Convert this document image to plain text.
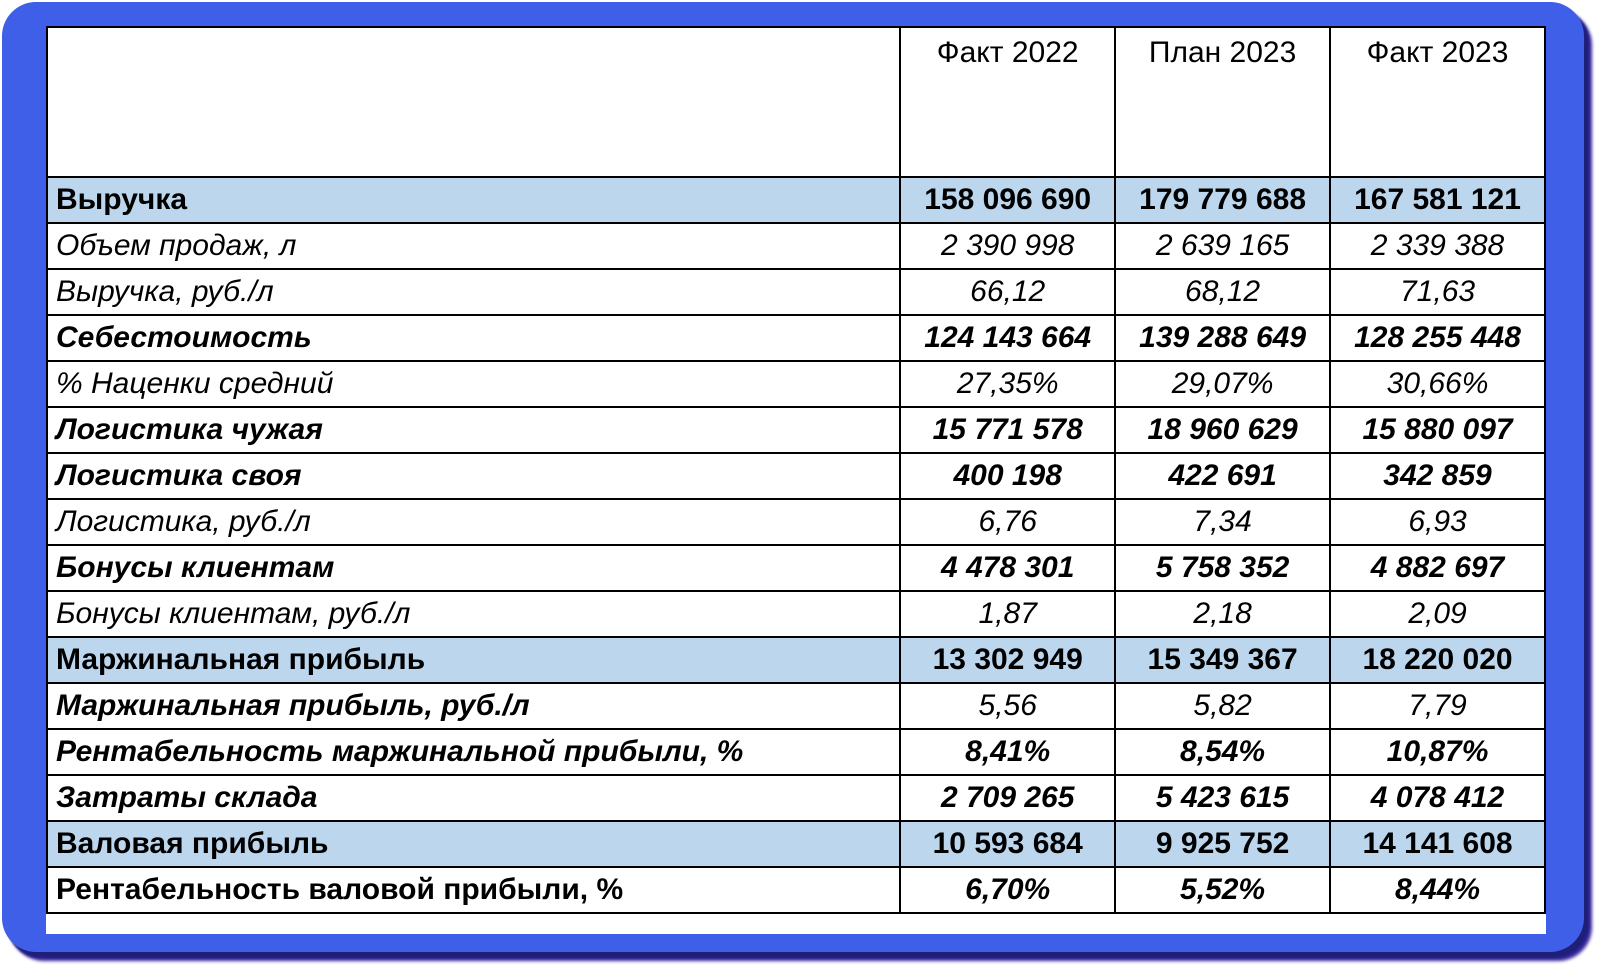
	Факт 2022	План 2023	Факт 2023
Выручка	158 096 690	179 779 688	167 581 121
Объем продаж, л	2 390 998	2 639 165	2 339 388
Выручка, руб./л	66,12	68,12	71,63
Себестоимость	124 143 664	139 288 649	128 255 448
% Наценки средний	27,35%	29,07%	30,66%
Логистика чужая	15 771 578	18 960 629	15 880 097
Логистика своя	400 198	422 691	342 859
Логистика, руб./л	6,76	7,34	6,93
Бонусы клиентам	4 478 301	5 758 352	4 882 697
Бонусы клиентам, руб./л	1,87	2,18	2,09
Маржинальная прибыль	13 302 949	15 349 367	18 220 020
Маржинальная прибыль, руб./л	5,56	5,82	7,79
Рентабельность маржинальной прибыли, %	8,41%	8,54%	10,87%
Затраты склада	2 709 265	5 423 615	4 078 412
Валовая прибыль	10 593 684	9 925 752	14 141 608
Рентабельность валовой прибыли, %	6,70%	5,52%	8,44%
